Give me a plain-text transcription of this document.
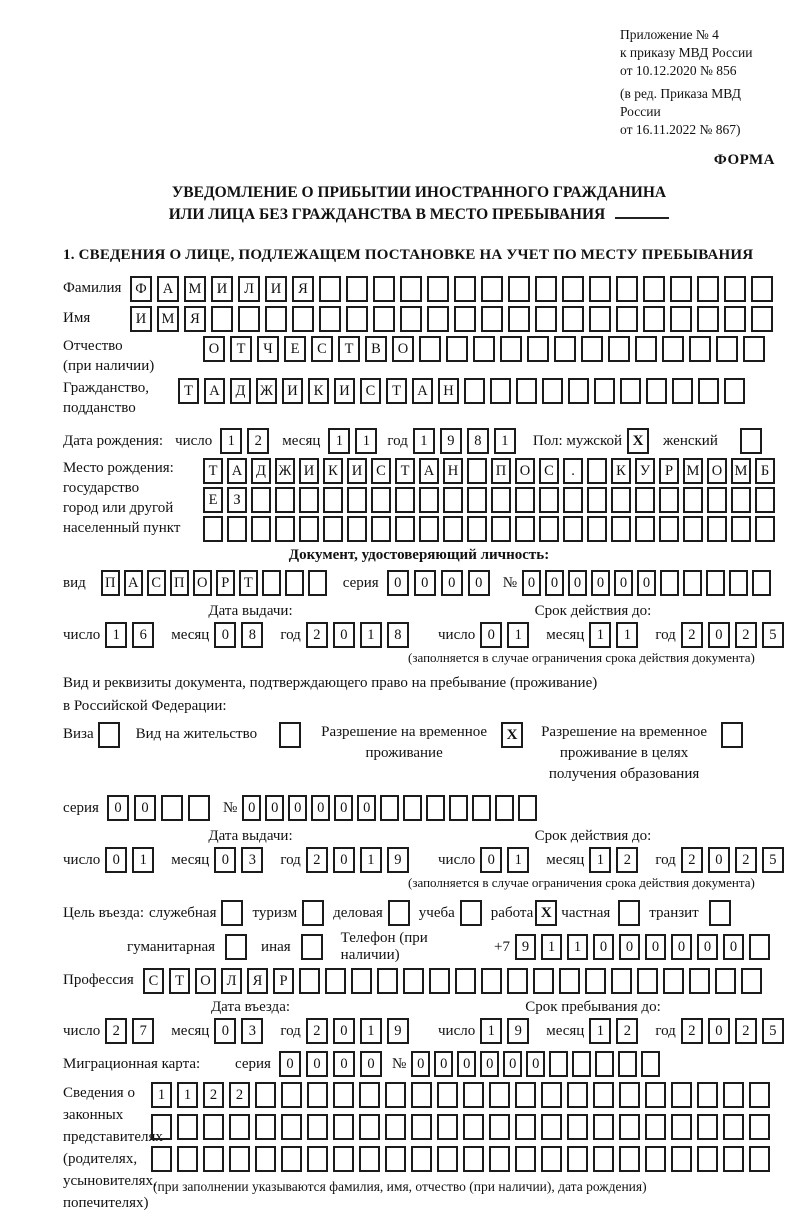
Приложение № 4
к приказу МВД России
от 10.12.2020 № 856
(в ред. Приказа МВД России
от 16.11.2022 № 867)
ФОРМА
УВЕДОМЛЕНИЕ О ПРИБЫТИИ ИНОСТРАННОГО ГРАЖДАНИНА
ИЛИ ЛИЦА БЕЗ ГРАЖДАНСТВА В МЕСТО ПРЕБЫВАНИЯ
1. СВЕДЕНИЯ О ЛИЦЕ, ПОДЛЕЖАЩЕМ ПОСТАНОВКЕ НА УЧЕТ ПО МЕСТУ ПРЕБЫВАНИЯ
Фамилия Ф	А	М	И	Л	И	Я
Имя	И	М	Я
Отчество
(при наличии)
О	Т	Ч	Е	С	Т	В	О
Гражданство,
подданство
Т	А	Д	Ж И	К	И	С	Т	А	Н
Дата рождения: число	1	2	месяц	1	1	год 1	9	8	1	Пол: мужской X	женский
Место рождения:
государство
город или другой
населенный пункт
Т А Д Ж И К И С	Т А Н	П О С	.	К У	Р М О М Б
Е	З
Документ, удостоверяющий личность:
вид П А С П О Р	Т	серия	0	0	0	0	№ 0	0	0	0	0	0
Дата выдачи:
число 1	6	месяц 0	8	год 2	0	1	8
Срок действия до:
число 0	1	месяц 1	1	год 2	0	2	5
(заполняется в случае ограничения срока действия документа)
Вид и реквизиты документа, подтверждающего право на пребывание (проживание)
в Российской Федерации:
Виза	Вид на жительство	Разрешение на временное
проживание
X	Разрешение на временное
проживание в целях
получения образования
серия	0	0	№ 0	0	0	0	0	0
Дата выдачи:
число 0	1	месяц 0	3	год 2	0	1	9
Срок действия до:
число 0	1	месяц 1	2	год 2	0	2	5
(заполняется в случае ограничения срока действия документа)
Цель въезда: служебная туризм деловая учеба работа X частная	транзит
гуманитарная	иная
Телефон (при наличии)
+7 9	1	1	0	0	0	0	0	0
Профессия	С	Т	О	Л	Я	Р
Дата въезда:
число 2	7	месяц 0	3	год 2	0	1	9
Срок пребывания до:
число 1	9	месяц 1	2	год 2	0	2	5
Миграционная карта:	серия	0	0	0	0	№ 0	0	0	0	0	0
Сведения о
законных
представителях
(родителях,
усыновителях,
попечителях)
1	1	2	2
(при заполнении указываются фамилия, имя, отчество (при наличии), дата рождения)
